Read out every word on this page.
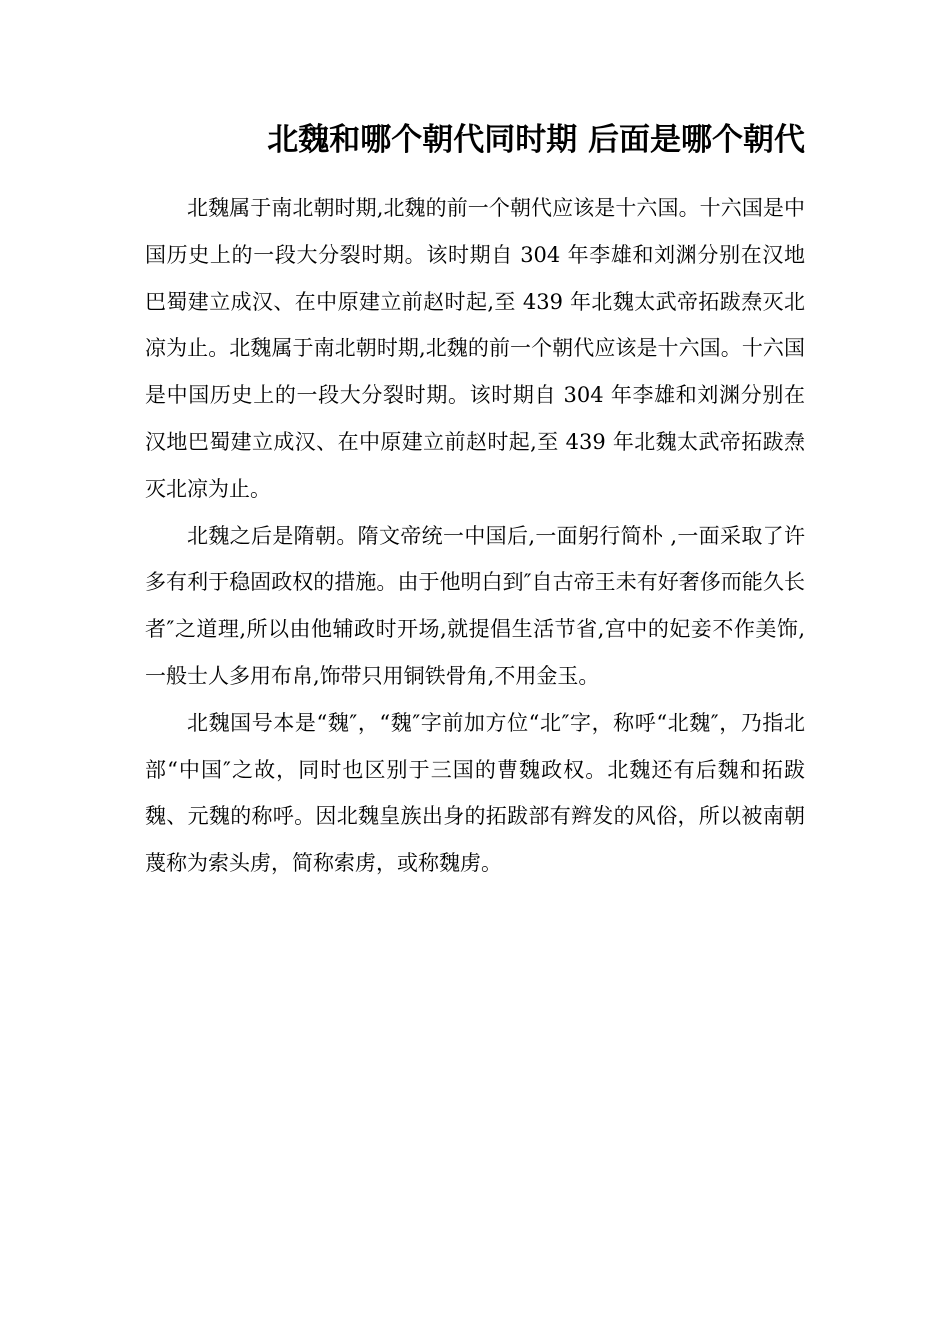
北魏和哪个朝代同时期 后面是哪个朝代

北魏属于南北朝时期,北魏的前一个朝代应该是十六国。十六国是中国历史上的一段大分裂时期。该时期自 304 年李雄和刘渊分别在汉地巴蜀建立成汉、在中原建立前赵时起,至 439 年北魏太武帝拓跋焘灭北凉为止。北魏属于南北朝时期,北魏的前一个朝代应该是十六国。十六国是中国历史上的一段大分裂时期。该时期自 304 年李雄和刘渊分别在汉地巴蜀建立成汉、在中原建立前赵时起,至 439 年北魏太武帝拓跋焘灭北凉为止。

北魏之后是隋朝。隋文帝统一中国后,一面躬行简朴 ,一面采取了许多有利于稳固政权的措施。由于他明白到″自古帝王未有好奢侈而能久长者″之道理,所以由他辅政时开场,就提倡生活节省,宫中的妃妾不作美饰,一般士人多用布帛,饰带只用铜铁骨角,不用金玉。

北魏国号本是“魏″，“魏″字前加方位“北″字，称呼“北魏″，乃指北部“中国″之故，同时也区别于三国的曹魏政权。北魏还有后魏和拓跋魏、元魏的称呼。因北魏皇族出身的拓跋部有辫发的风俗，所以被南朝蔑称为索头虏，简称索虏，或称魏虏。
